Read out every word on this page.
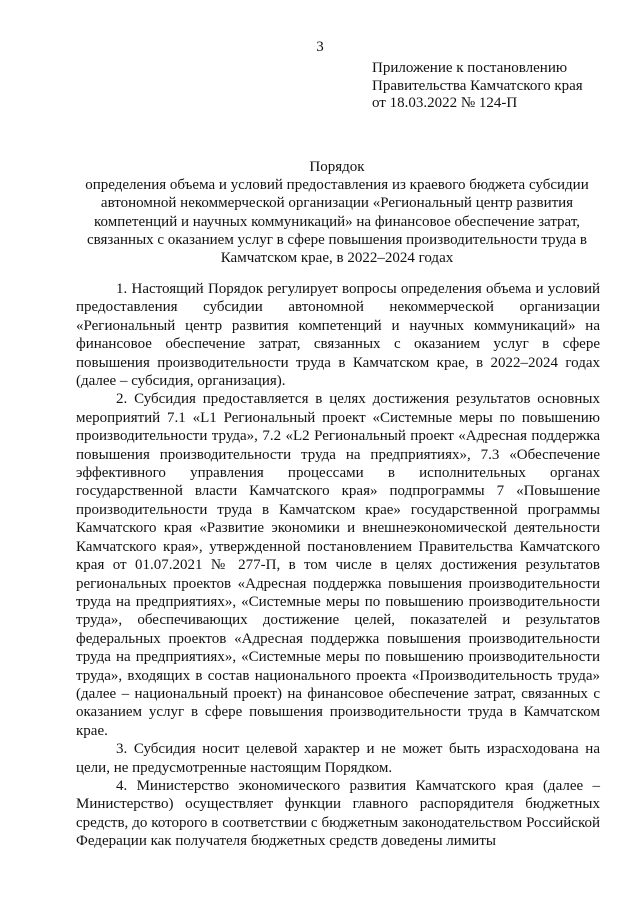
3
Приложение к постановлению
Правительства Камчатского края
от 18.03.2022 № 124-П
Порядок
определения объема и условий предоставления из краевого бюджета субсидии
автономной некоммерческой организации «Региональный центр развития
компетенций и научных коммуникаций» на финансовое обеспечение затрат,
связанных с оказанием услуг в сфере повышения производительности труда в
Камчатском крае, в 2022–2024 годах

1. Настоящий Порядок регулирует вопросы определения объема и условий предоставления субсидии автономной некоммерческой организации «Региональный центр развития компетенций и научных коммуникаций» на финансовое обеспечение затрат, связанных с оказанием услуг в сфере повышения производительности труда в Камчатском крае, в 2022–2024 годах (далее – субсидия, организация).

2. Субсидия предоставляется в целях достижения результатов основных мероприятий 7.1 «L1 Региональный проект «Системные меры по повышению производительности труда», 7.2 «L2 Региональный проект «Адресная поддержка повышения производительности труда на предприятиях», 7.3 «Обеспечение эффективного управления процессами в исполнительных органах государственной власти Камчатского края» подпрограммы 7 «Повышение производительности труда в Камчатском крае» государственной программы Камчатского края «Развитие экономики и внешнеэкономической деятельности Камчатского края», утвержденной постановлением Правительства Камчатского края от 01.07.2021 № 277-П, в том числе в целях достижения результатов региональных проектов «Адресная поддержка повышения производительности труда на предприятиях», «Системные меры по повышению производительности труда», обеспечивающих достижение целей, показателей и результатов федеральных проектов «Адресная поддержка повышения производительности труда на предприятиях», «Системные меры по повышению производительности труда», входящих в состав национального проекта «Производительность труда» (далее – национальный проект) на финансовое обеспечение затрат, связанных с оказанием услуг в сфере повышения производительности труда в Камчатском крае.

3. Субсидия носит целевой характер и не может быть израсходована на цели, не предусмотренные настоящим Порядком.

4. Министерство экономического развития Камчатского края (далее – Министерство) осуществляет функции главного распорядителя бюджетных средств, до которого в соответствии с бюджетным законодательством Российской Федерации как получателя бюджетных средств доведены лимиты
